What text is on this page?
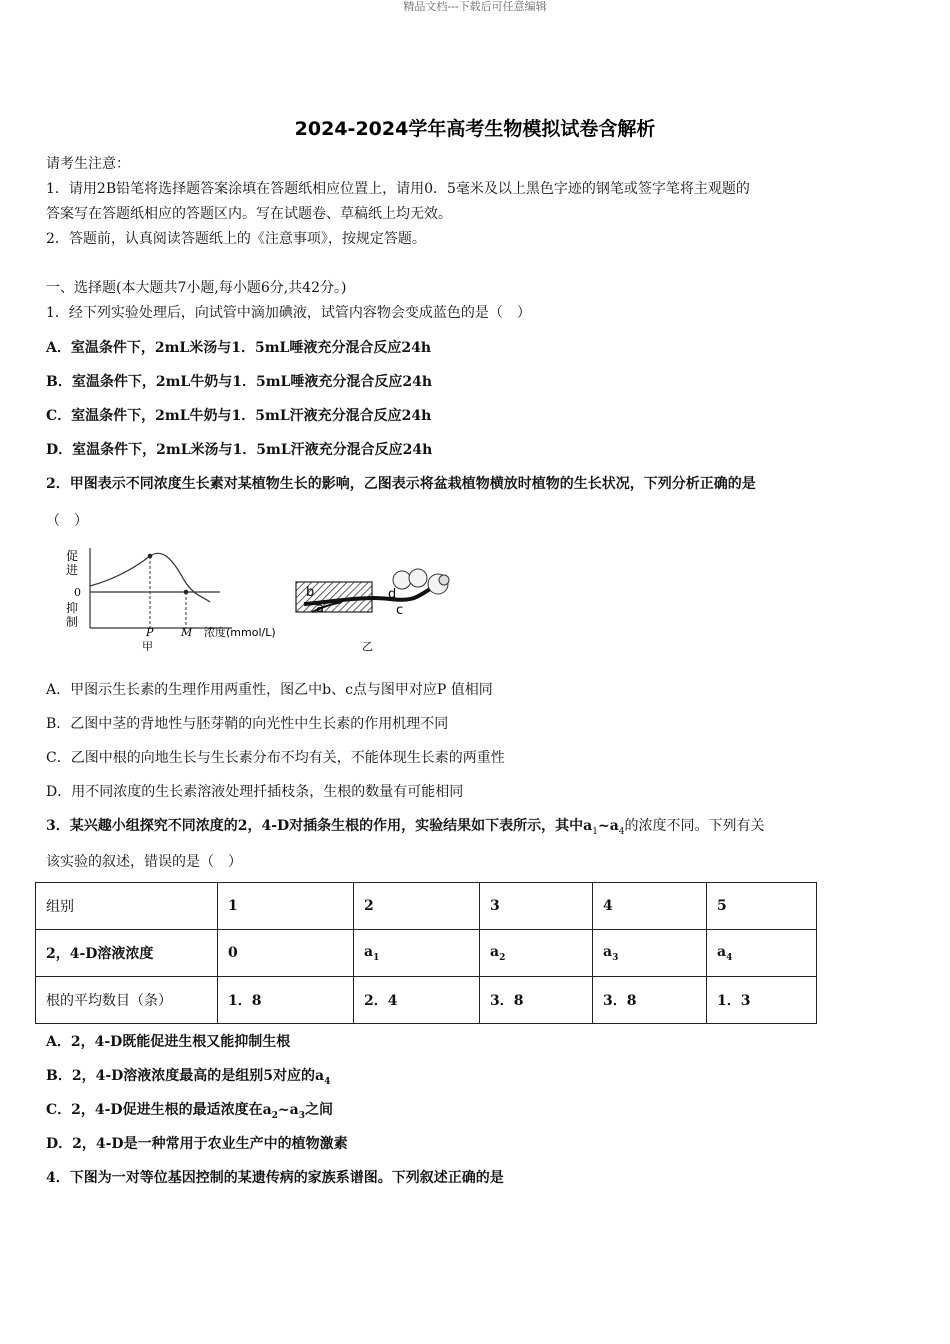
精品文档---下载后可任意编辑
2024-2024学年高考生物模拟试卷含解析
请考生注意：
1．请用2B铅笔将选择题答案涂填在答题纸相应位置上，请用0．5毫米及以上黑色字迹的钢笔或签字笔将主观题的
答案写在答题纸相应的答题区内。写在试题卷、草稿纸上均无效。
2．答题前，认真阅读答题纸上的《注意事项》，按规定答题。
一、选择题(本大题共7小题,每小题6分,共42分。)
1．经下列实验处理后，向试管中滴加碘液，试管内容物会变成蓝色的是（　）
A．室温条件下，2mL米汤与1．5mL唾液充分混合反应24h
B．室温条件下，2mL牛奶与1．5mL唾液充分混合反应24h
C．室温条件下，2mL牛奶与1．5mL汗液充分混合反应24h
D．室温条件下，2mL米汤与1．5mL汗液充分混合反应24h
2．甲图表示不同浓度生长素对某植物生长的影响，乙图表示将盆栽植物横放时植物的生长状况，下列分析正确的是
（　）
促
进
0
抑
制
P	M 浓度(mmol/L)
甲
b
a
d
c
乙
A．甲图示生长素的生理作用两重性，图乙中b、c点与图甲对应P 值相同
B．乙图中茎的背地性与胚芽鞘的向光性中生长素的作用机理不同
C．乙图中根的向地生长与生长素分布不均有关，不能体现生长素的两重性
D．用不同浓度的生长素溶液处理扦插枝条，生根的数量有可能相同
3．某兴趣小组探究不同浓度的2，4-D对插条生根的作用，实验结果如下表所示，其中$a_1\sim a_4$的浓度不同。下列有关
该实验的叙述，错误的是（　）
组别	1	2	3	4	5
2，4-D溶液浓度	0	$a_1$	$a_2$	$a_3$	$a_4$
根的平均数目（条）	1．8	2．4	3．8	3．8	1．3
A．2，4-D既能促进生根又能抑制生根
B．2，4-D溶液浓度最高的是组别5对应的$a_4$
C．2，4-D促进生根的最适浓度在$a_2\sim a_3$之间
D．2，4-D是一种常用于农业生产中的植物激素
4．下图为一对等位基因控制的某遗传病的家族系谱图。下列叙述正确的是
